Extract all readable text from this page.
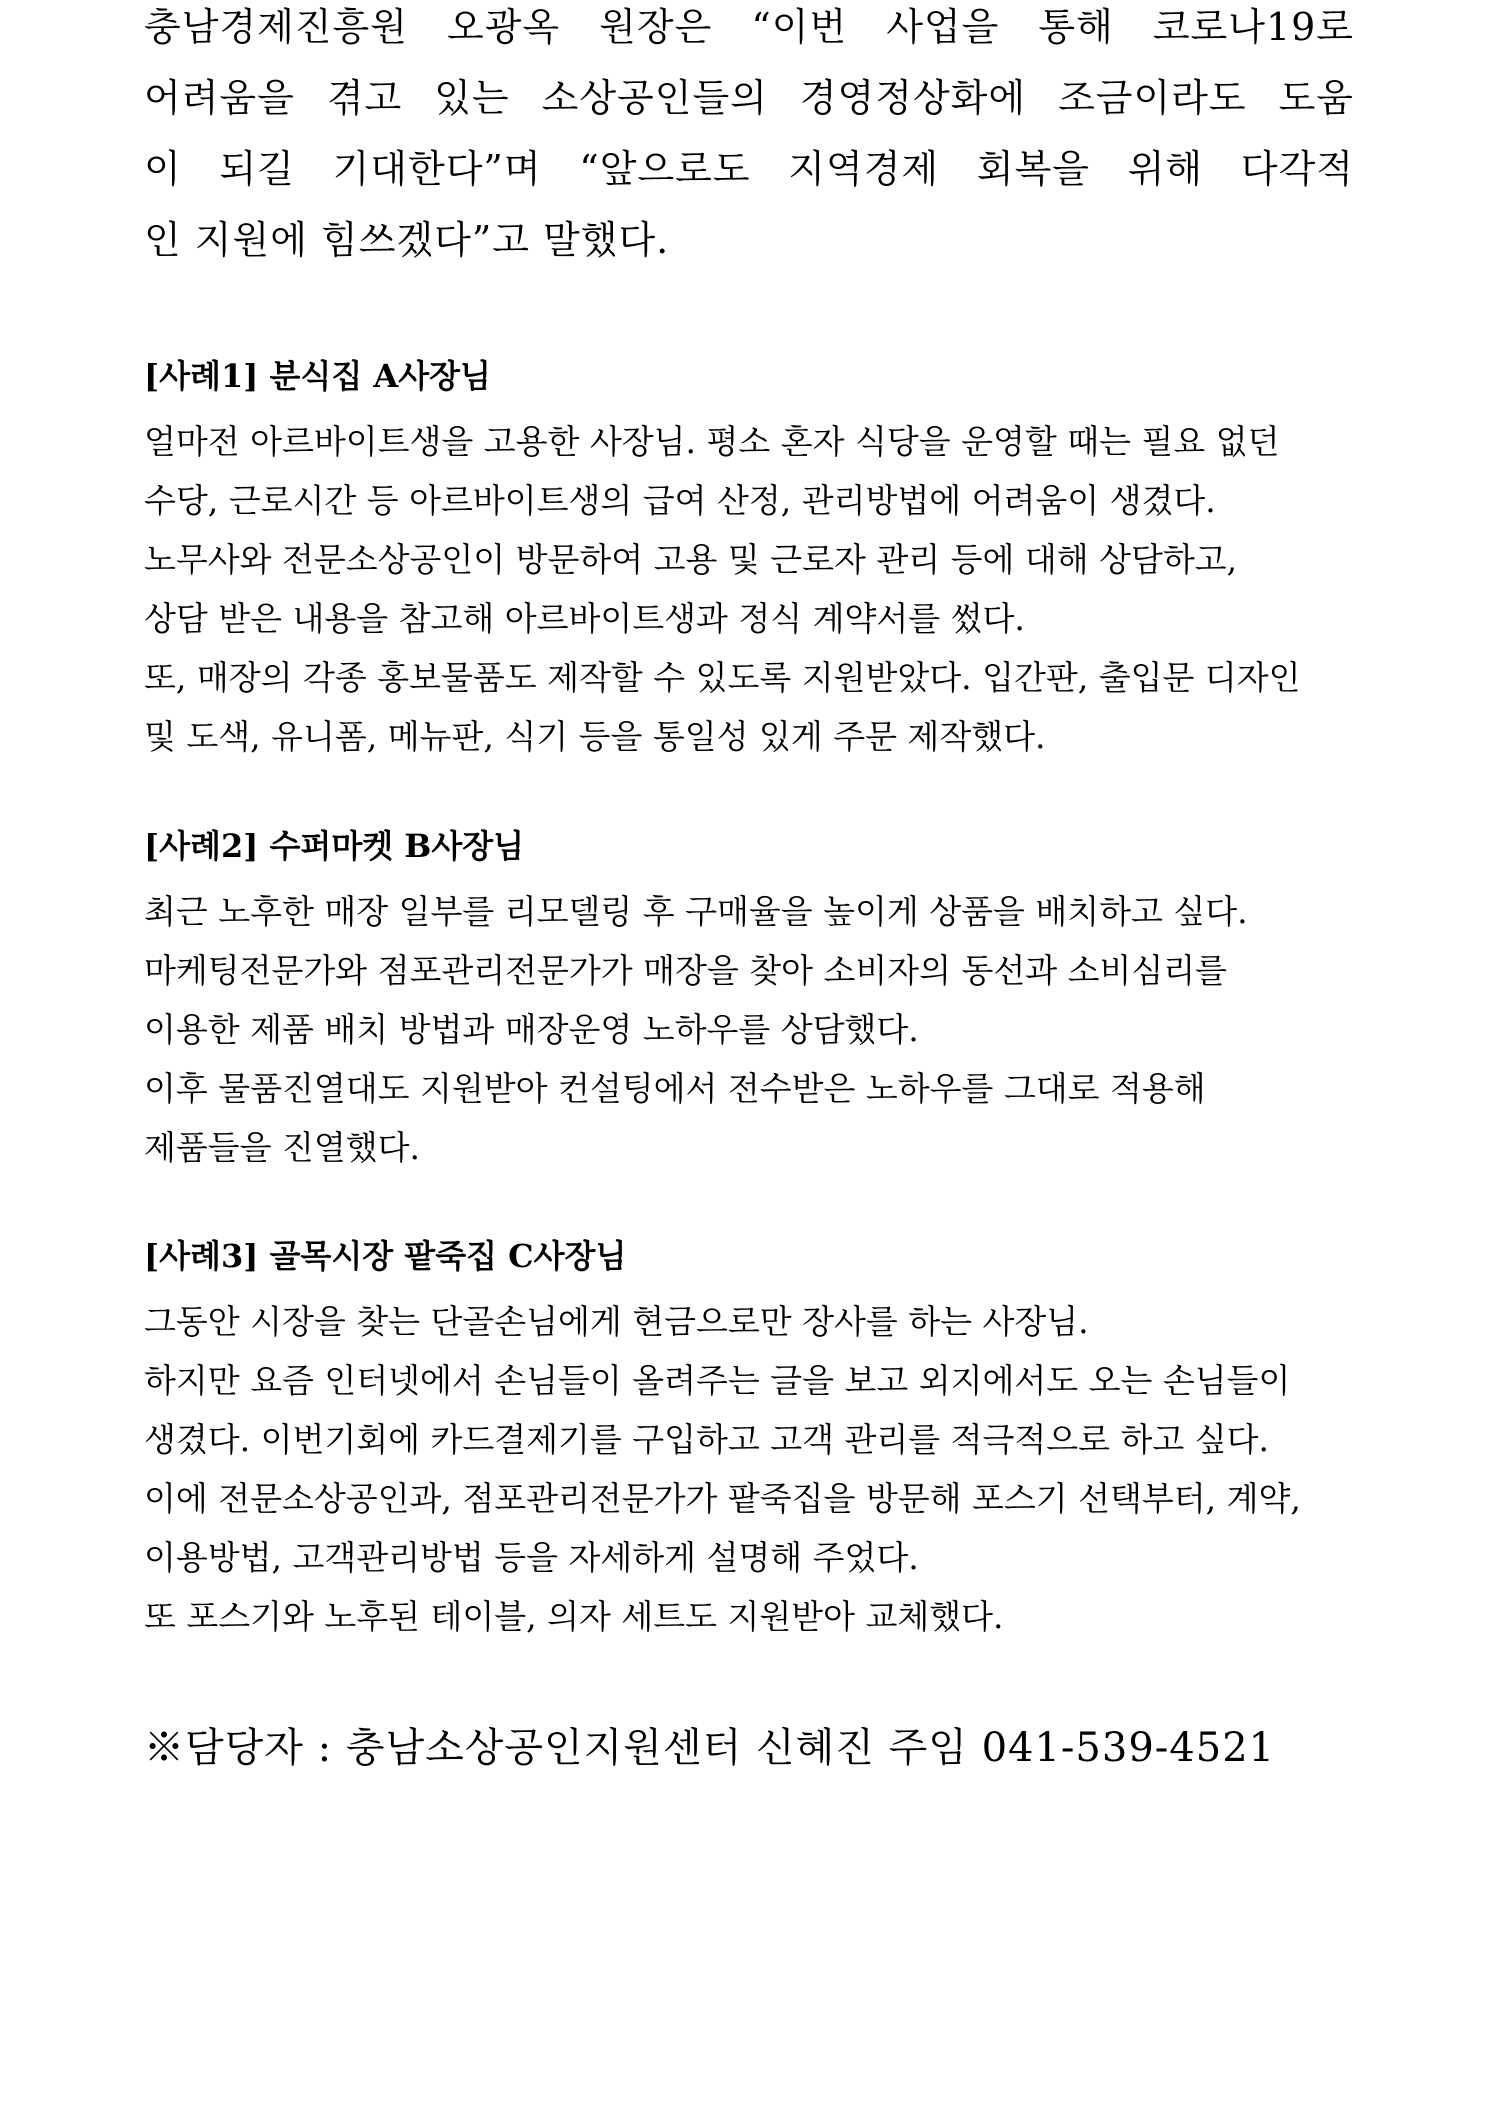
충남경제진흥원 오광옥 원장은 “이번 사업을 통해 코로나19로
어려움을 겪고 있는 소상공인들의 경영정상화에 조금이라도 도움
이 되길 기대한다”며 “앞으로도 지역경제 회복을 위해 다각적
인 지원에 힘쓰겠다”고 말했다.
[사례1] 분식집 A사장님
얼마전 아르바이트생을 고용한 사장님. 평소 혼자 식당을 운영할 때는 필요 없던
수당, 근로시간 등 아르바이트생의 급여 산정, 관리방법에 어려움이 생겼다.
노무사와 전문소상공인이 방문하여 고용 및 근로자 관리 등에 대해 상담하고,
상담 받은 내용을 참고해 아르바이트생과 정식 계약서를 썼다.
또, 매장의 각종 홍보물품도 제작할 수 있도록 지원받았다. 입간판, 출입문 디자인
및 도색, 유니폼, 메뉴판, 식기 등을 통일성 있게 주문 제작했다.
[사례2] 수퍼마켓 B사장님
최근 노후한 매장 일부를 리모델링 후 구매율을 높이게 상품을 배치하고 싶다.
마케팅전문가와 점포관리전문가가 매장을 찾아 소비자의 동선과 소비심리를
이용한 제품 배치 방법과 매장운영 노하우를 상담했다.
이후 물품진열대도 지원받아 컨설팅에서 전수받은 노하우를 그대로 적용해
제품들을 진열했다.
[사례3] 골목시장 팥죽집 C사장님
그동안 시장을 찾는 단골손님에게 현금으로만 장사를 하는 사장님.
하지만 요즘 인터넷에서 손님들이 올려주는 글을 보고 외지에서도 오는 손님들이
생겼다. 이번기회에 카드결제기를 구입하고 고객 관리를 적극적으로 하고 싶다.
이에 전문소상공인과, 점포관리전문가가 팥죽집을 방문해 포스기 선택부터, 계약,
이용방법, 고객관리방법 등을 자세하게 설명해 주었다.
또 포스기와 노후된 테이블, 의자 세트도 지원받아 교체했다.
※담당자 : 충남소상공인지원센터 신혜진 주임 041-539-4521
